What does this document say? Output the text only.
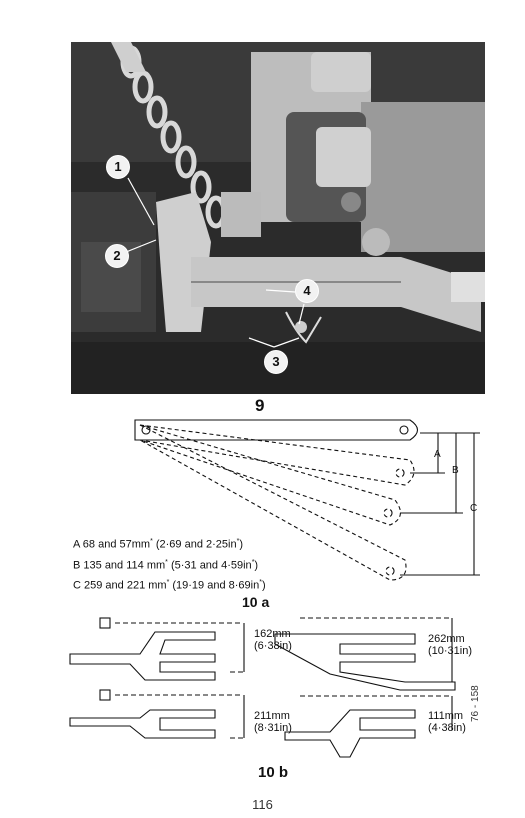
1
2
3
4
9
A
B
C
A 68 and 57mm* (2·69 and 2·25in*)
B 135 and 114 mm* (5·31 and 4·59in*)
C 259 and 221 mm* (19·19 and 8·69in*)
10 a
162mm
(6·38in)
262mm
(10·31in)
211mm
(8·31in)
111mm
(4·38in)
10 b
76 - 158
116
